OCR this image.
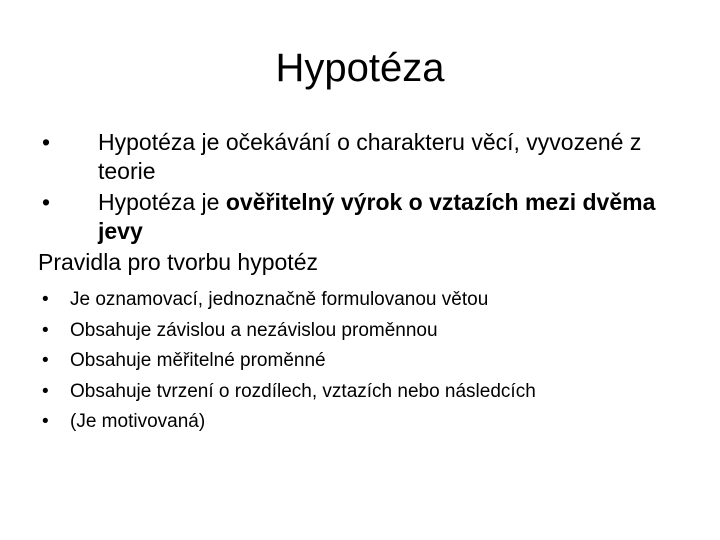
Hypotéza
• Hypotéza je očekávání o charakteru věcí, vyvozené z teorie
• Hypotéza je ověřitelný výrok o vztazích mezi dvěma jevy
Pravidla pro tvorbu hypotéz
• Je oznamovací, jednoznačně formulovanou větou
• Obsahuje závislou a nezávislou proměnnou
• Obsahuje měřitelné proměnné
• Obsahuje tvrzení o rozdílech, vztazích nebo následcích
• (Je motivovaná)
